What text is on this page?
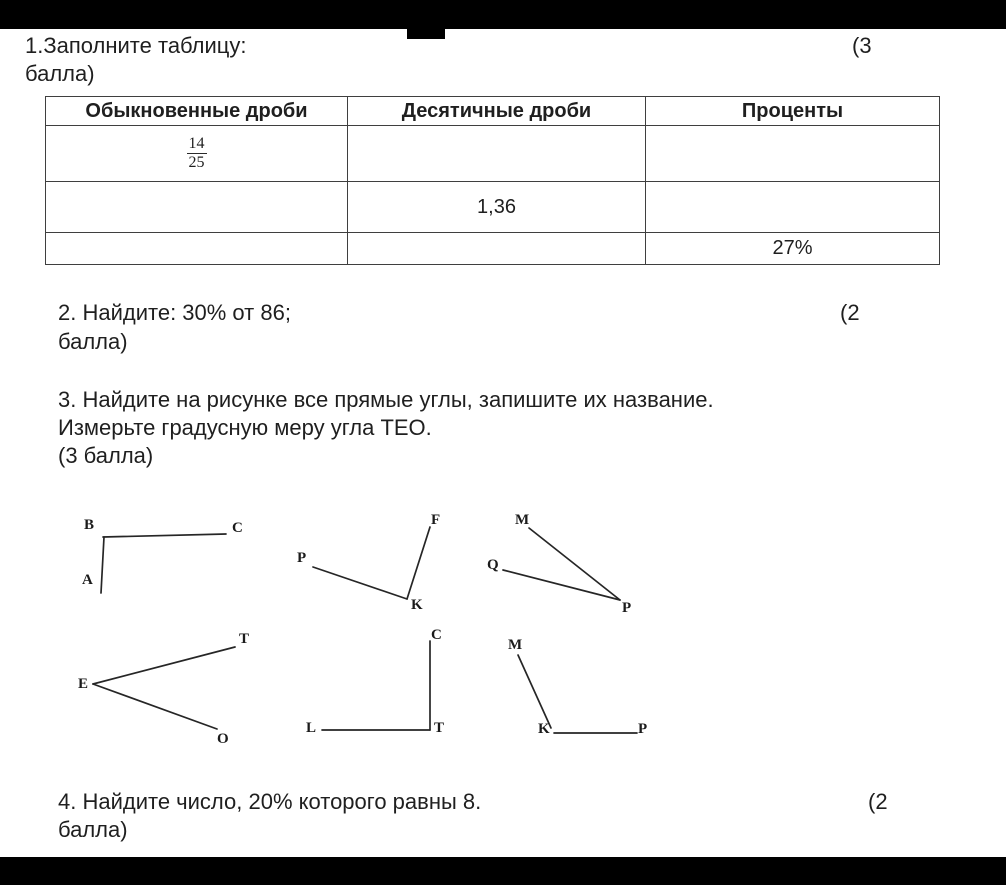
1.Заполните таблицу:	(3
балла)
Обыкновенные дроби	Десятичные дроби	Проценты

$\frac{14}{25}$

	1,36	
		27%
2. Найдите: 30% от 86;	(2
балла)
3. Найдите на рисунке все прямые углы, запишите их название.
Измерьте градусную меру угла ТЕО.
(3 балла)
B	C
A
P
F
K
M
Q
P
T
E
O
C
L	T
M
K	P
4. Найдите число, 20% которого равны 8.	(2
балла)
